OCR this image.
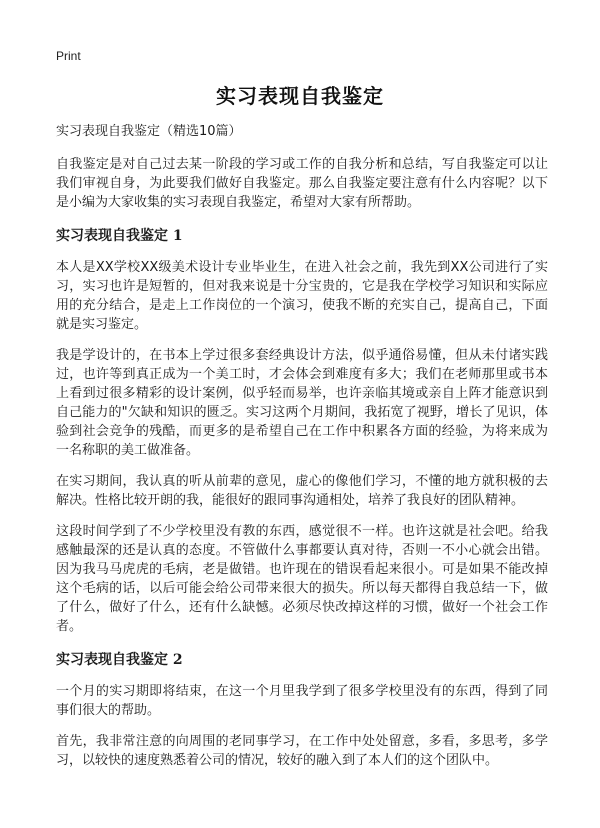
Print
实习表现自我鉴定
实习表现自我鉴定（精选10篇）

自我鉴定是对自己过去某一阶段的学习或工作的自我分析和总结，写自我鉴定可以让我们审视自身，为此要我们做好自我鉴定。那么自我鉴定要注意有什么内容呢？以下是小编为大家收集的实习表现自我鉴定，希望对大家有所帮助。

实习表现自我鉴定 1

本人是XX学校XX级美术设计专业毕业生，在进入社会之前，我先到XX公司进行了实习，实习也许是短暂的，但对我来说是十分宝贵的，它是我在学校学习知识和实际应用的充分结合，是走上工作岗位的一个演习，使我不断的充实自己，提高自己，下面就是实习鉴定。

我是学设计的，在书本上学过很多套经典设计方法，似乎通俗易懂，但从未付诸实践过，也许等到真正成为一个美工时，才会体会到难度有多大；我们在老师那里或书本上看到过很多精彩的设计案例，似乎轻而易举，也许亲临其境或亲自上阵才能意识到自己能力的"欠缺和知识的匮乏。实习这两个月期间，我拓宽了视野，增长了见识，体验到社会竞争的残酷，而更多的是希望自己在工作中积累各方面的经验，为将来成为一名称职的美工做准备。

在实习期间，我认真的听从前辈的意见，虚心的像他们学习，不懂的地方就积极的去解决。性格比较开朗的我，能很好的跟同事沟通相处，培养了我良好的团队精神。

这段时间学到了不少学校里没有教的东西，感觉很不一样。也许这就是社会吧。给我感触最深的还是认真的态度。不管做什么事都要认真对待，否则一不小心就会出错。因为我马马虎虎的毛病，老是做错。也许现在的错误看起来很小。可是如果不能改掉这个毛病的话，以后可能会给公司带来很大的损失。所以每天都得自我总结一下，做了什么，做好了什么，还有什么缺憾。必须尽快改掉这样的习惯，做好一个社会工作者。

实习表现自我鉴定 2

一个月的实习期即将结束，在这一个月里我学到了很多学校里没有的东西，得到了同事们很大的帮助。

首先，我非常注意的向周围的老同事学习，在工作中处处留意，多看，多思考，多学习，以较快的速度熟悉着公司的情况，较好的融入到了本人们的这个团队中。
